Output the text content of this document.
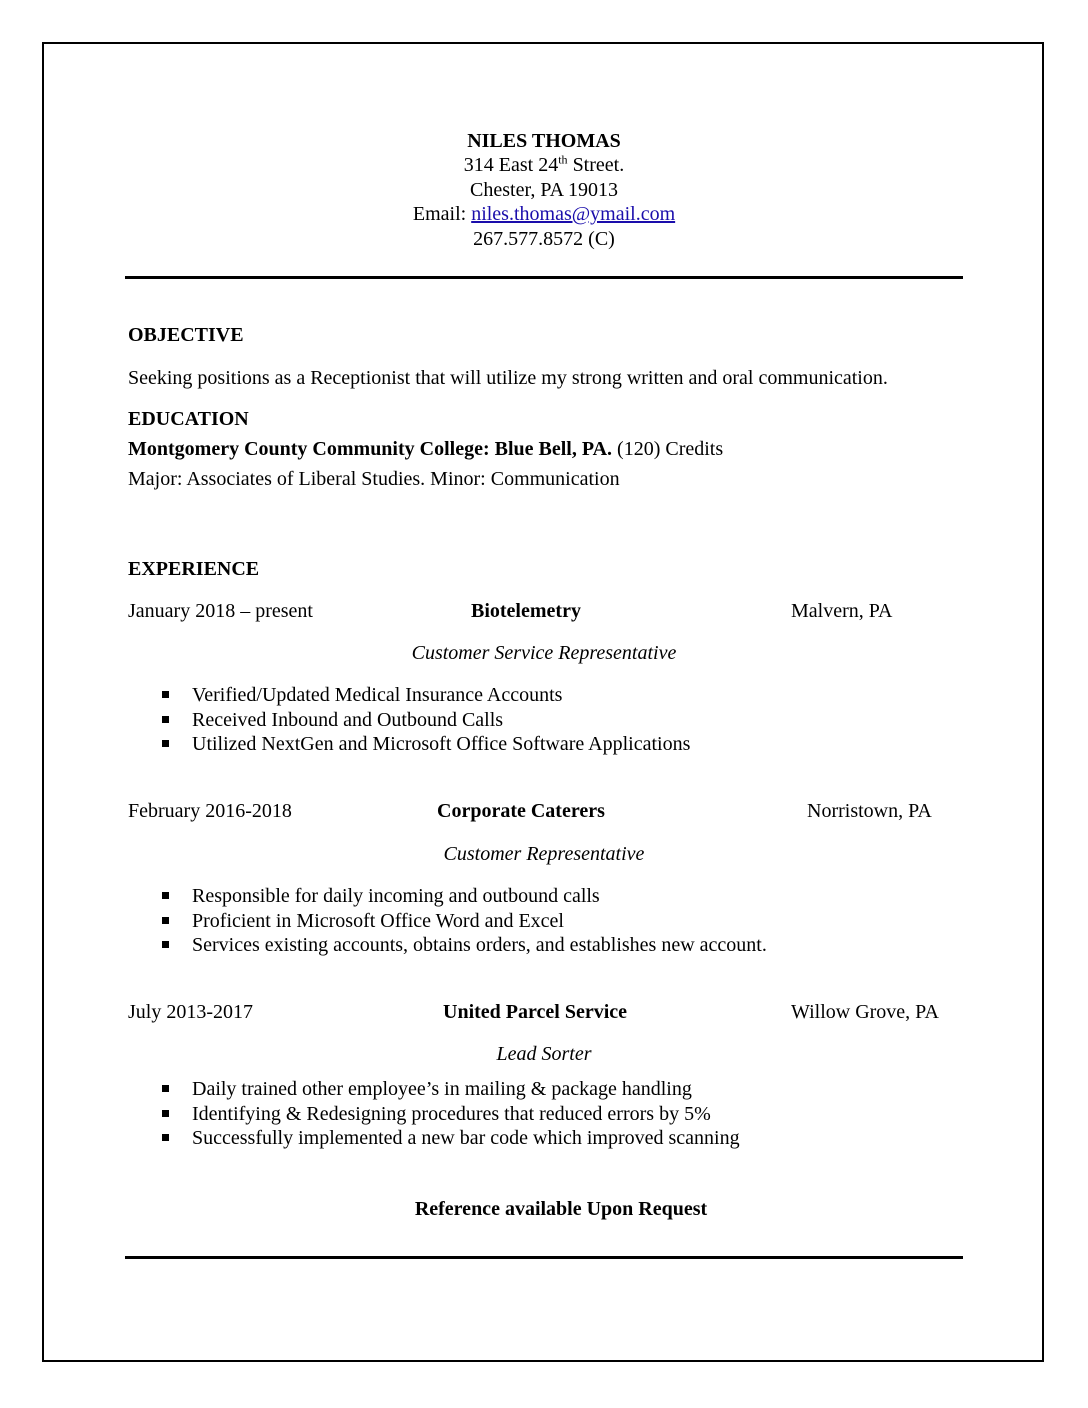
NILES THOMAS
314 East 24th Street.
Chester, PA 19013
Email: niles.thomas@ymail.com
267.577.8572 (C)
OBJECTIVE
Seeking positions as a Receptionist that will utilize my strong written and oral communication.
EDUCATION
Montgomery County Community College: Blue Bell, PA. (120) Credits
Major: Associates of Liberal Studies. Minor: Communication
EXPERIENCE
January 2018 – present	Biotelemetry	Malvern, PA
Customer Service Representative
Verified/Updated Medical Insurance Accounts
Received Inbound and Outbound Calls
Utilized NextGen and Microsoft Office Software Applications
February 2016-2018	Corporate Caterers	Norristown, PA
Customer Representative
Responsible for daily incoming and outbound calls
Proficient in Microsoft Office Word and Excel
Services existing accounts, obtains orders, and establishes new account.
July 2013-2017	United Parcel Service	Willow Grove, PA
Lead Sorter
Daily trained other employee’s in mailing & package handling
Identifying & Redesigning procedures that reduced errors by 5%
Successfully implemented a new bar code which improved scanning
Reference available Upon Request
